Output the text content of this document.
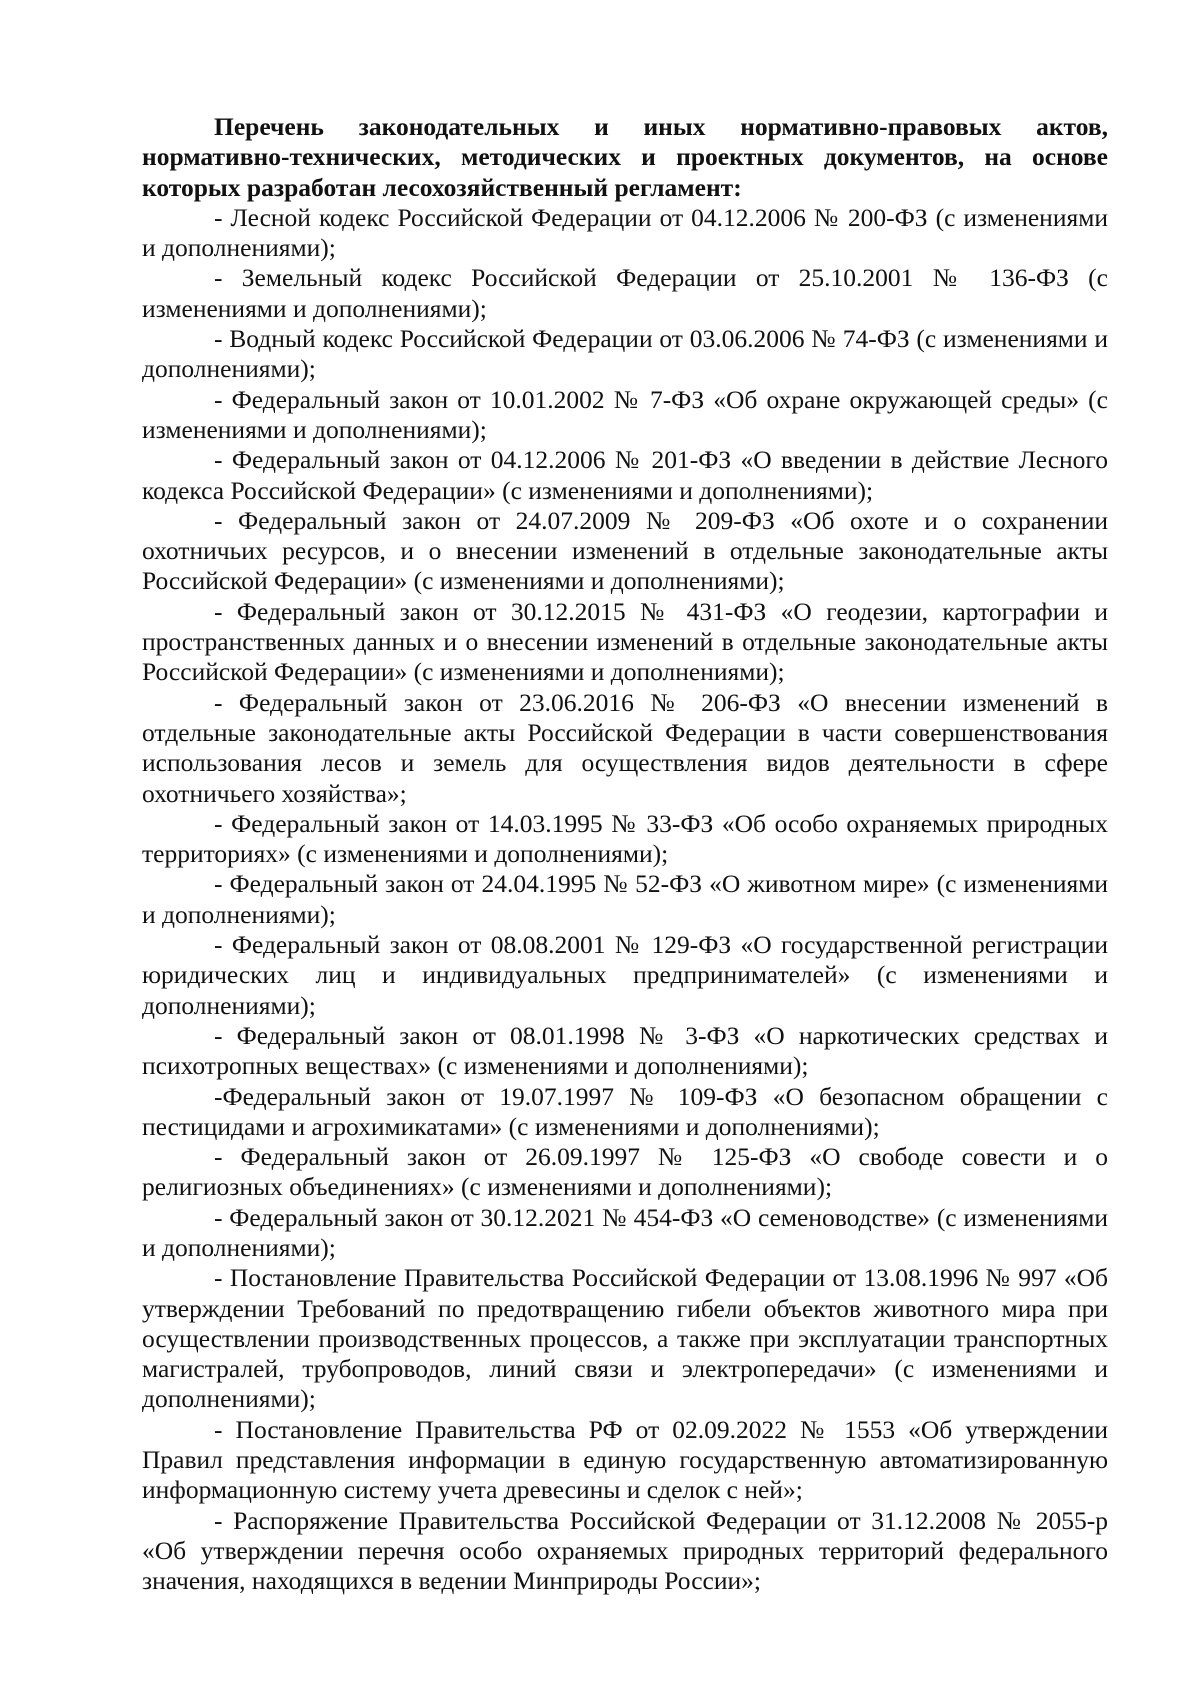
Перечень законодательных и иных нормативно-правовых актов, нормативно-технических, методических и проектных документов, на основе которых разработан лесохозяйственный регламент:

- Лесной кодекс Российской Федерации от 04.12.2006 № 200-ФЗ (с изменениями и дополнениями);

- Земельный кодекс Российской Федерации от 25.10.2001 № 136-ФЗ (с изменениями и дополнениями);

- Водный кодекс Российской Федерации от 03.06.2006 № 74-ФЗ (с изменениями и дополнениями);

- Федеральный закон от 10.01.2002 № 7-ФЗ «Об охране окружающей среды» (с изменениями и дополнениями);

- Федеральный закон от 04.12.2006 № 201-ФЗ «О введении в действие Лесного кодекса Российской Федерации» (с изменениями и дополнениями);

- Федеральный закон от 24.07.2009 № 209-ФЗ «Об охоте и о сохранении охотничьих ресурсов, и о внесении изменений в отдельные законодательные акты Российской Федерации» (с изменениями и дополнениями);

- Федеральный закон от 30.12.2015 № 431-ФЗ «О геодезии, картографии и пространственных данных и о внесении изменений в отдельные законодательные акты Российской Федерации» (с изменениями и дополнениями);

- Федеральный закон от 23.06.2016 № 206-ФЗ «О внесении изменений в отдельные законодательные акты Российской Федерации в части совершенствования использования лесов и земель для осуществления видов деятельности в сфере охотничьего хозяйства»;

- Федеральный закон от 14.03.1995 № 33-ФЗ «Об особо охраняемых природных территориях» (с изменениями и дополнениями);

- Федеральный закон от 24.04.1995 № 52-ФЗ «О животном мире» (с изменениями и дополнениями);

- Федеральный закон от 08.08.2001 № 129-ФЗ «О государственной регистрации юридических лиц и индивидуальных предпринимателей» (с изменениями и дополнениями);

- Федеральный закон от 08.01.1998 № 3-ФЗ «О наркотических средствах и психотропных веществах» (с изменениями и дополнениями);

-Федеральный закон от 19.07.1997 № 109-ФЗ «О безопасном обращении с пестицидами и агрохимикатами» (с изменениями и дополнениями);

- Федеральный закон от 26.09.1997 № 125-ФЗ «О свободе совести и о религиозных объединениях» (с изменениями и дополнениями);

- Федеральный закон от 30.12.2021 № 454-ФЗ «О семеноводстве» (с изменениями и дополнениями);

- Постановление Правительства Российской Федерации от 13.08.1996 № 997 «Об утверждении Требований по предотвращению гибели объектов животного мира при осуществлении производственных процессов, а также при эксплуатации транспортных магистралей, трубопроводов, линий связи и электропередачи» (с изменениями и дополнениями);

- Постановление Правительства РФ от 02.09.2022 № 1553 «Об утверждении Правил представления информации в единую государственную автоматизированную информационную систему учета древесины и сделок с ней»;

- Распоряжение Правительства Российской Федерации от 31.12.2008 № 2055-р «Об утверждении перечня особо охраняемых природных территорий федерального значения, находящихся в ведении Минприроды России»;
